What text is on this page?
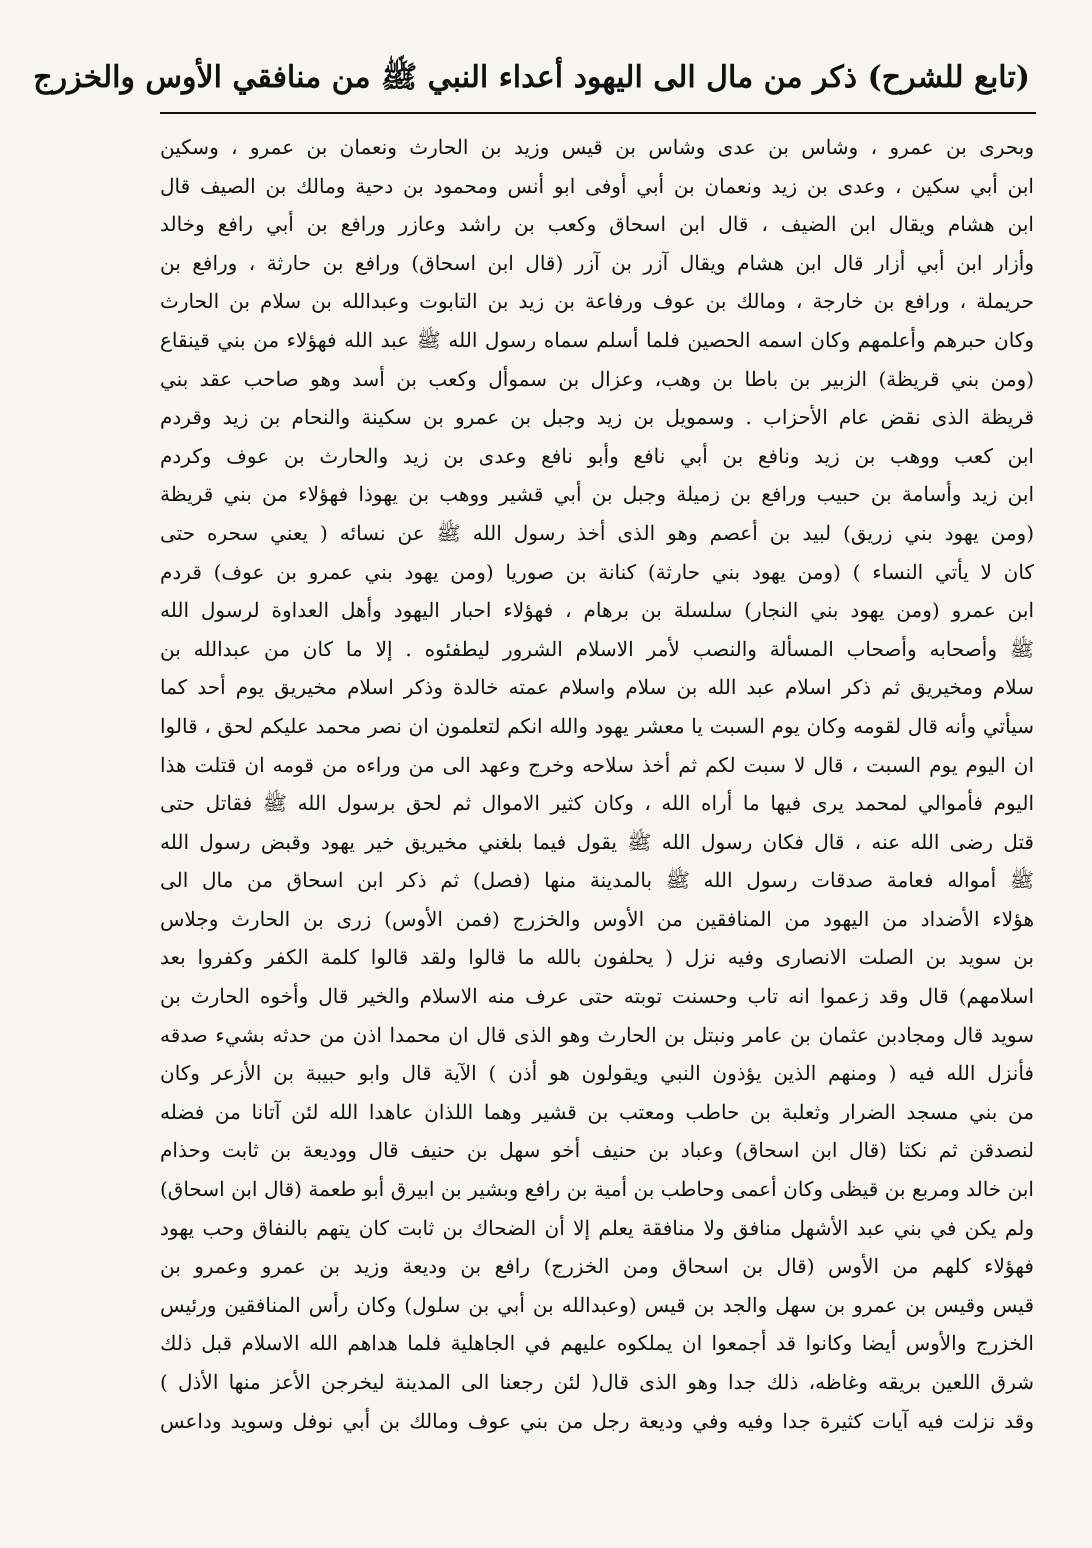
(تابع للشرح) ذكر من مال الى اليهود أعداء النبي ﷺ من منافقي الأوس والخزرج
وبحرى بن عمرو ، وشاس بن عدى وشاس بن قيس وزيد بن الحارث ونعمان بن عمرو ، وسكين
ابن أبي سكين ، وعدى بن زيد ونعمان بن أبي أوفى ابو أنس ومحمود بن دحية ومالك بن الصيف قال
ابن هشام ويقال ابن الضيف ، قال ابن اسحاق وكعب بن راشد وعازر ورافع بن أبي رافع وخالد
وأزار ابن أبي أزار قال ابن هشام ويقال آزر بن آزر (قال ابن اسحاق) ورافع بن حارثة ، ورافع بن
حريملة ، ورافع بن خارجة ، ومالك بن عوف ورفاعة بن زيد بن التابوت وعبدالله بن سلام بن الحارث
وكان حبرهم وأعلمهم وكان اسمه الحصين فلما أسلم سماه رسول الله ﷺ عبد الله فهؤلاء من بني قينقاع
(ومن بني قريظة) الزبير بن باطا بن وهب، وعزال بن سموأل وكعب بن أسد وهو صاحب عقد بني
قريظة الذى نقض عام الأحزاب . وسمويل بن زيد وجبل بن عمرو بن سكينة والنحام بن زيد وقردم
ابن كعب ووهب بن زيد ونافع بن أبي نافع وأبو نافع وعدى بن زيد والحارث بن عوف وكردم
ابن زيد وأسامة بن حبيب ورافع بن زميلة وجبل بن أبي قشير ووهب بن يهوذا فهؤلاء من بني قريظة
(ومن يهود بني زريق) لبيد بن أعصم وهو الذى أخذ رسول الله ﷺ عن نسائه ( يعني سحره حتى
كان لا يأتي النساء ) (ومن يهود بني حارثة) كنانة بن صوريا (ومن يهود بني عمرو بن عوف) قردم
ابن عمرو (ومن يهود بني النجار) سلسلة بن برهام ، فهؤلاء احبار اليهود وأهل العداوة لرسول الله
ﷺ وأصحابه وأصحاب المسألة والنصب لأمر الاسلام الشرور ليطفئوه . إلا ما كان من عبدالله بن
سلام ومخيريق ثم ذكر اسلام عبد الله بن سلام واسلام عمته خالدة وذكر اسلام مخيريق يوم أحد كما
سيأتي وأنه قال لقومه وكان يوم السبت يا معشر يهود والله انكم لتعلمون ان نصر محمد عليكم لحق ، قالوا
ان اليوم يوم السبت ، قال لا سبت لكم ثم أخذ سلاحه وخرج وعهد الى من وراءه من قومه ان قتلت هذا
اليوم فأموالي لمحمد يرى فيها ما أراه الله ، وكان كثير الاموال ثم لحق برسول الله ﷺ فقاتل حتى
قتل رضى الله عنه ، قال فكان رسول الله ﷺ يقول فيما بلغني مخيريق خير يهود وقبض رسول الله
ﷺ أمواله فعامة صدقات رسول الله ﷺ بالمدينة منها (فصل) ثم ذكر ابن اسحاق من مال الى
هؤلاء الأضداد من اليهود من المنافقين من الأوس والخزرج (فمن الأوس) زرى بن الحارث وجلاس
بن سويد بن الصلت الانصارى وفيه نزل ( يحلفون بالله ما قالوا ولقد قالوا كلمة الكفر وكفروا بعد
اسلامهم) قال وقد زعموا انه تاب وحسنت توبته حتى عرف منه الاسلام والخير قال وأخوه الحارث بن
سويد قال ومجادبن عثمان بن عامر ونبتل بن الحارث وهو الذى قال ان محمدا اذن من حدثه بشيء صدقه
فأنزل الله فيه ( ومنهم الذين يؤذون النبي ويقولون هو أذن ) الآية قال وابو حبيبة بن الأزعر وكان
من بني مسجد الضرار وثعلبة بن حاطب ومعتب بن قشير وهما اللذان عاهدا الله لئن آتانا من فضله
لنصدقن ثم نكثا (قال ابن اسحاق) وعباد بن حنيف أخو سهل بن حنيف قال ووديعة بن ثابت وحذام
ابن خالد ومربع بن قيظى وكان أعمى وحاطب بن أمية بن رافع وبشير بن ابيرق أبو طعمة (قال ابن اسحاق)
ولم يكن في بني عبد الأشهل منافق ولا منافقة يعلم إلا أن الضحاك بن ثابت كان يتهم بالنفاق وحب يهود
فهؤلاء كلهم من الأوس (قال بن اسحاق ومن الخزرج) رافع بن وديعة وزيد بن عمرو وعمرو بن
قيس وقيس بن عمرو بن سهل والجد بن قيس (وعبدالله بن أبي بن سلول) وكان رأس المنافقين ورئيس
الخزرج والأوس أيضا وكانوا قد أجمعوا ان يملكوه عليهم في الجاهلية فلما هداهم الله الاسلام قبل ذلك
شرق اللعين بريقه وغاظه، ذلك جدا وهو الذى قال( لئن رجعنا الى المدينة ليخرجن الأعز منها الأذل )
وقد نزلت فيه آيات كثيرة جدا وفيه وفي وديعة رجل من بني عوف ومالك بن أبي نوفل وسويد وداعس
